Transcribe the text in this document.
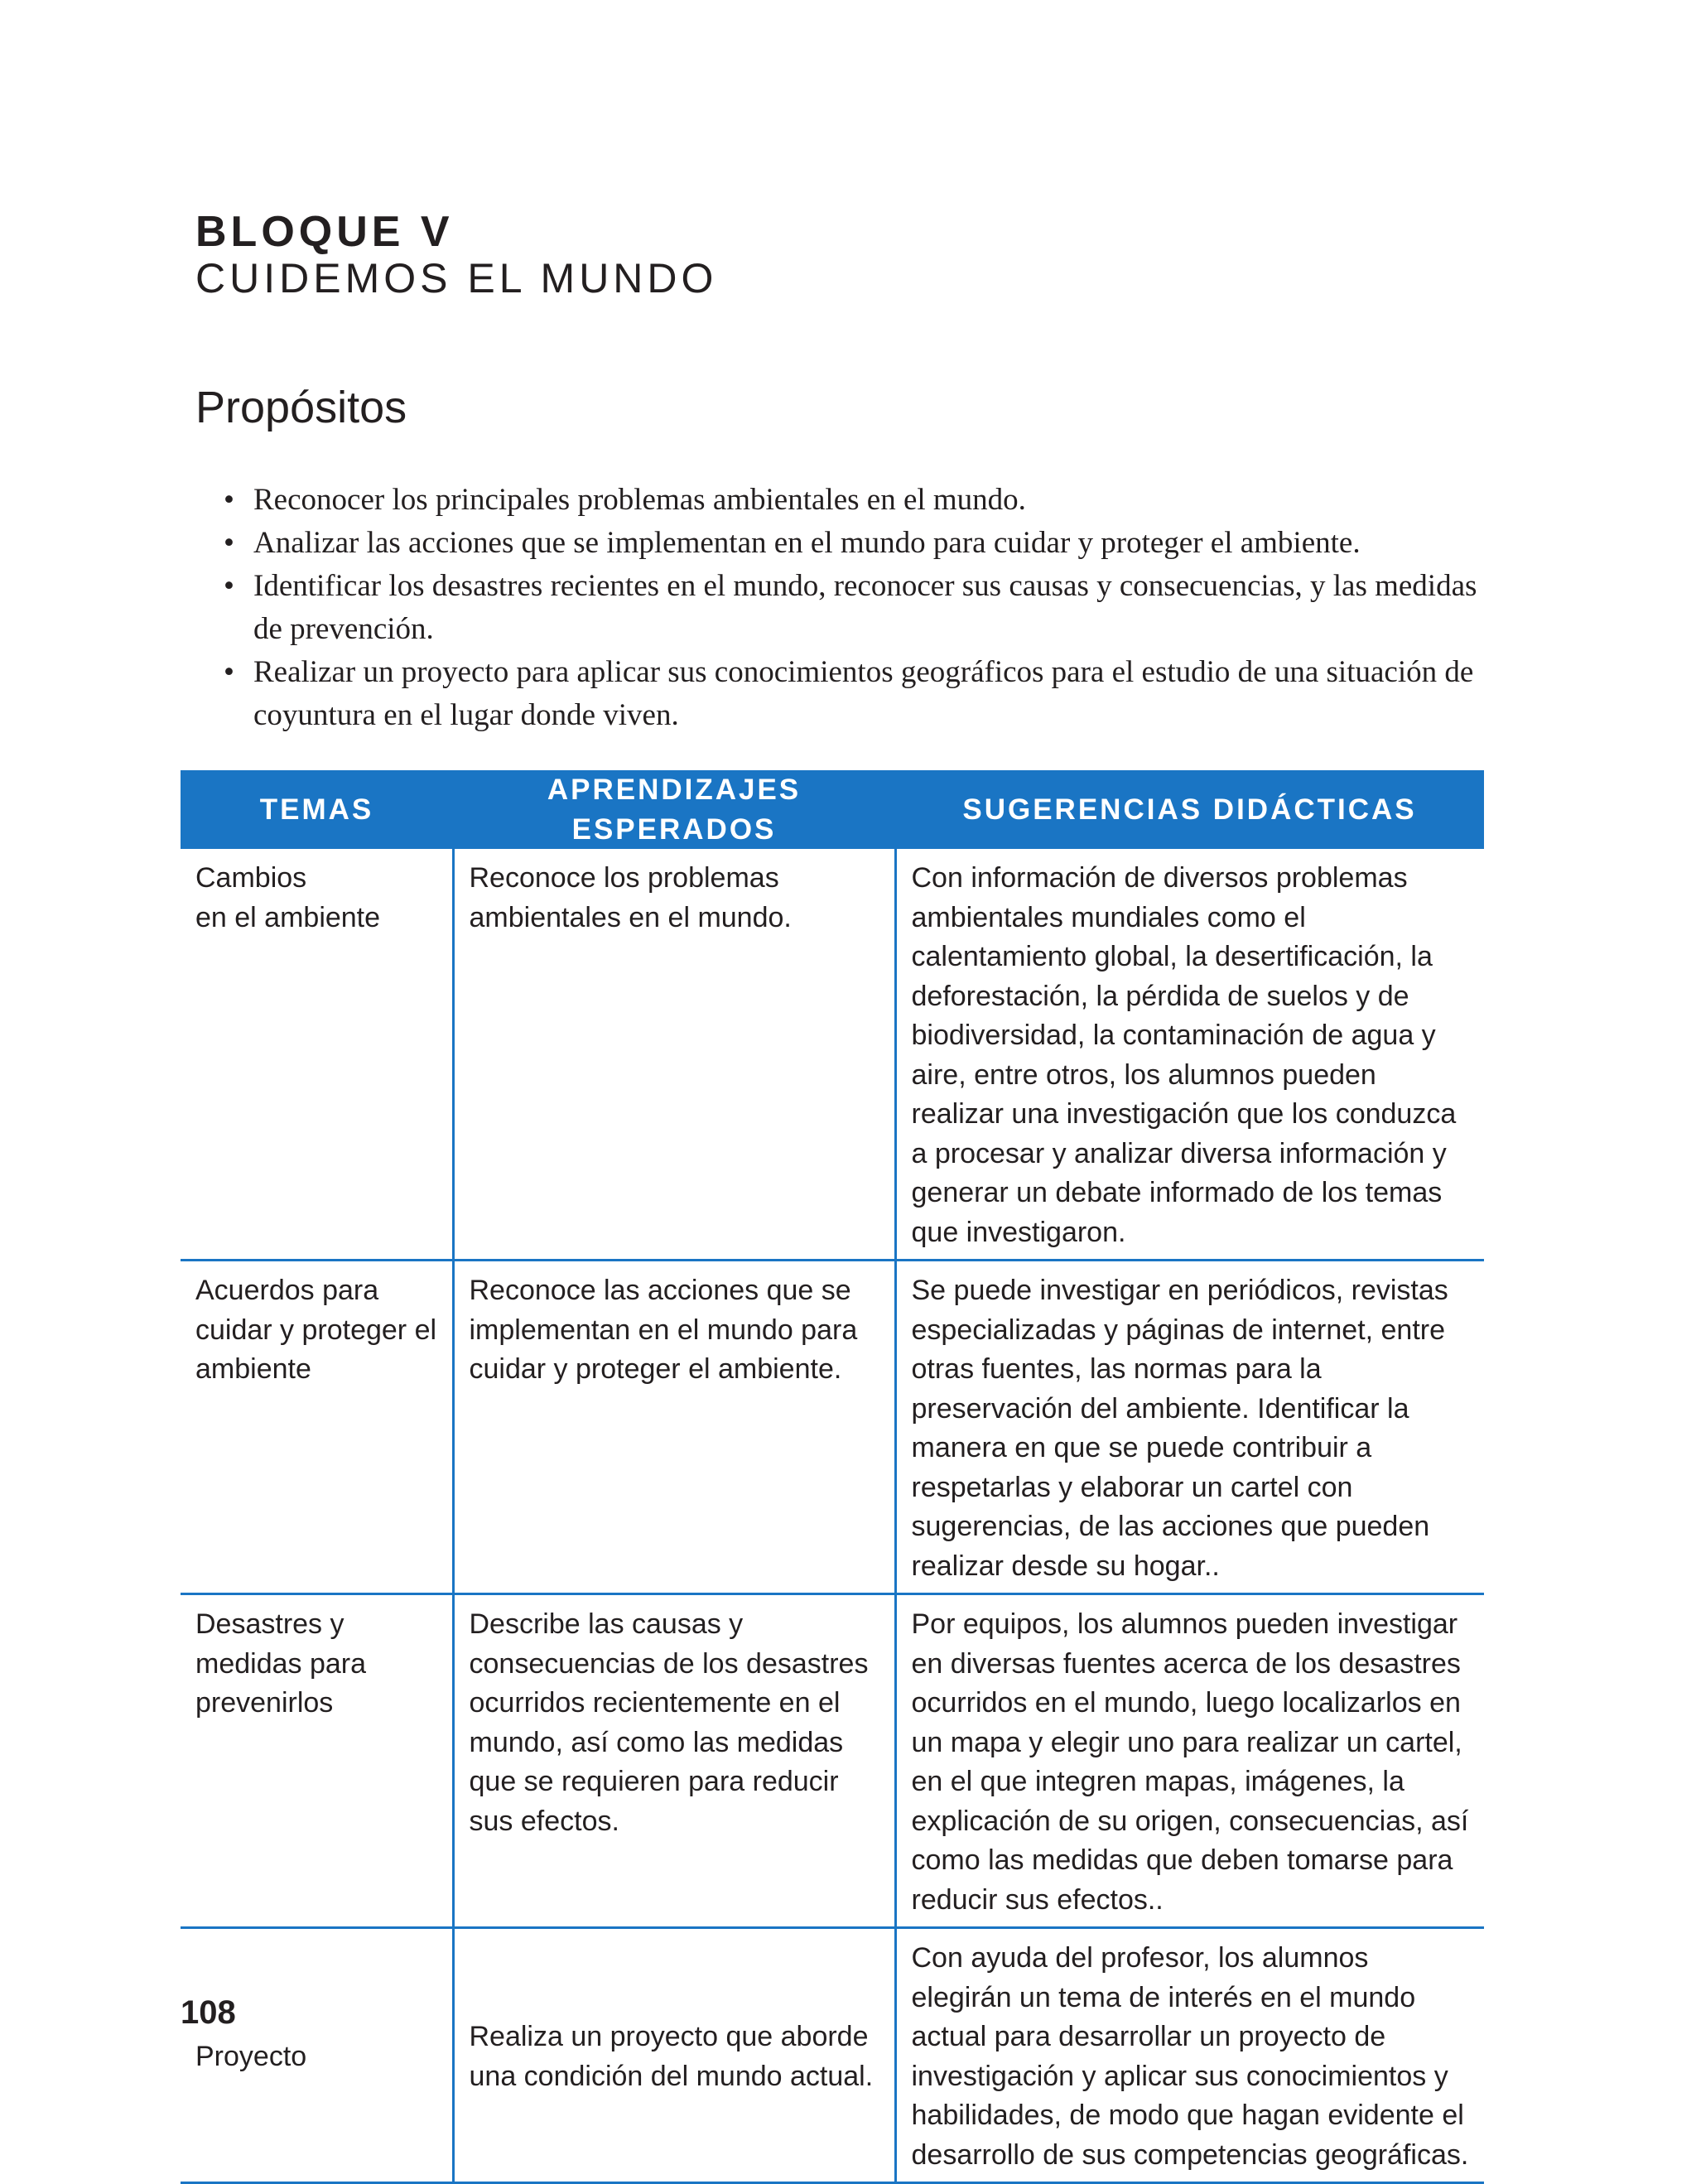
BLOQUE V
CUIDEMOS EL MUNDO
Propósitos
• Reconocer los principales problemas ambientales en el mundo.
• Analizar las acciones que se implementan en el mundo para cuidar y proteger el ambiente.
• Identificar los desastres recientes en el mundo, reconocer sus causas y consecuencias, y las medidas de prevención.
• Realizar un proyecto para aplicar sus conocimientos geográficos para el estudio de una situación de coyuntura en el lugar donde viven.
TEMAS	APRENDIZAJES ESPERADOS	SUGERENCIAS DIDÁCTICAS
Cambios
en el ambiente	Reconoce los problemas ambientales en el mundo.	Con información de diversos problemas ambientales mundiales como el calentamiento global, la desertificación, la deforestación, la pérdida de suelos y de biodiversidad, la contaminación de agua y aire, entre otros, los alumnos pueden realizar una investigación que los conduzca a procesar y analizar diversa información y generar un debate informado de los temas que investigaron.
Acuerdos para cuidar y proteger el ambiente	Reconoce las acciones que se implementan en el mundo para cuidar y proteger el ambiente.	Se puede investigar en periódicos, revistas especializadas y páginas de internet, entre otras fuentes, las normas para la preservación del ambiente. Identificar la manera en que se puede contribuir a respetarlas y elaborar un cartel con sugerencias, de las acciones que pueden realizar desde su hogar..
Desastres y medidas para prevenirlos	Describe las causas y consecuencias de los desastres ocurridos recientemente en el mundo, así como las medidas que se requieren para reducir sus efectos.	Por equipos, los alumnos pueden investigar en diversas fuentes acerca de los desastres ocurridos en el mundo, luego localizarlos en un mapa y elegir uno para realizar un cartel, en el que integren mapas, imágenes, la explicación de su origen, consecuencias, así como las medidas que deben tomarse para reducir sus efectos..
Proyecto	Realiza un proyecto que aborde una condición del mundo actual.	Con ayuda del profesor, los alumnos elegirán un tema de interés en el mundo actual para desarrollar un proyecto de investigación y aplicar sus conocimientos y habilidades, de modo que hagan evidente el desarrollo de sus competencias geográficas.
108
